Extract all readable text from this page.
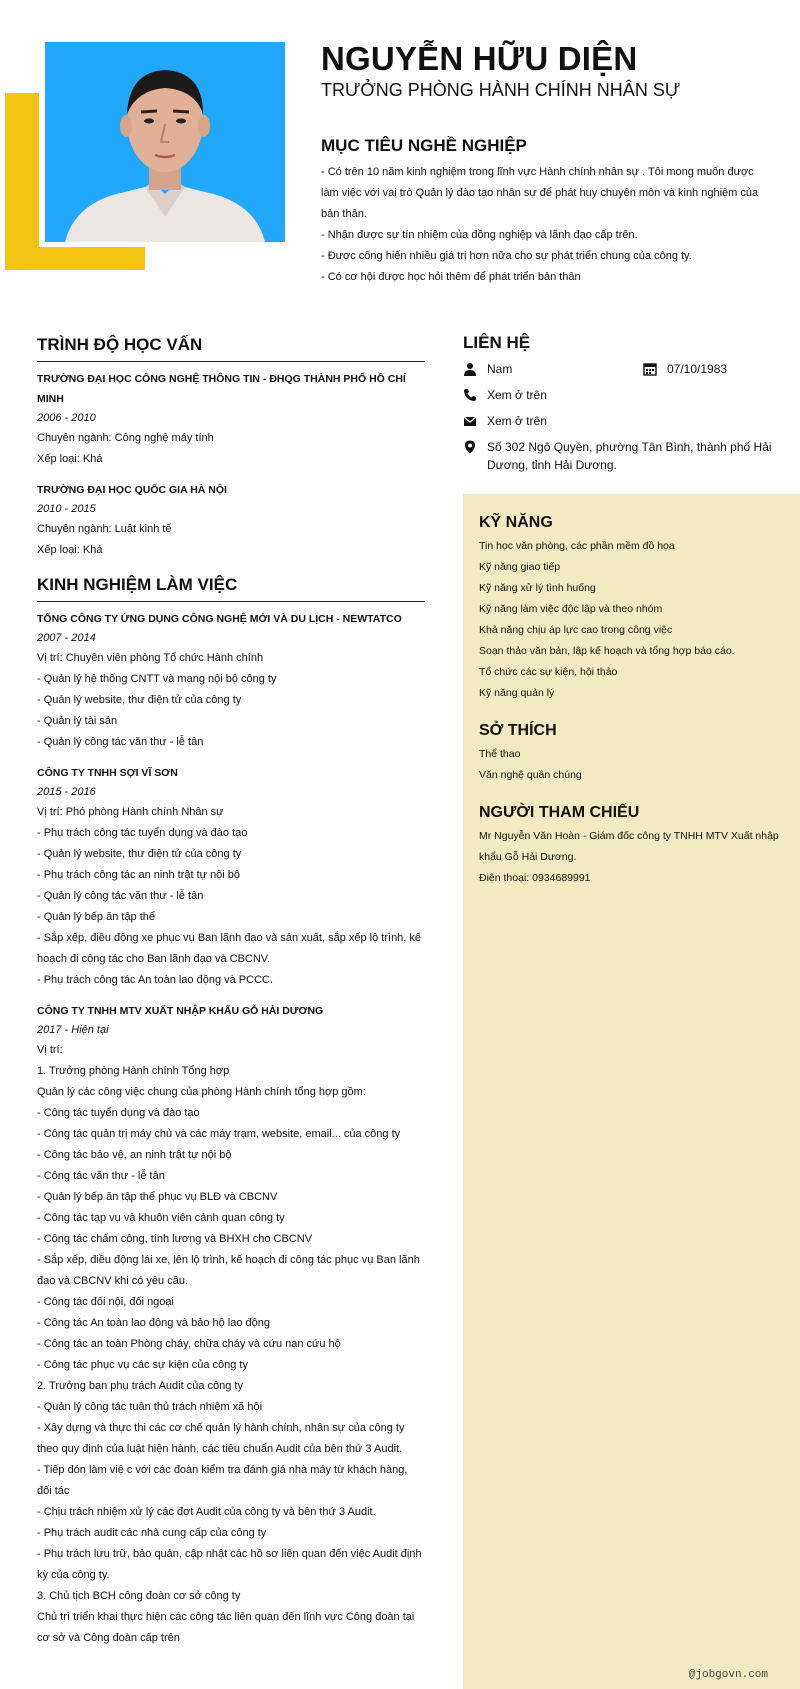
NGUYỄN HỮU DIỆN
TRƯỞNG PHÒNG HÀNH CHÍNH NHÂN SỰ
MỤC TIÊU NGHỀ NGHIỆP
- Có trên 10 năm kinh nghiệm trong lĩnh vực Hành chính nhân sự . Tôi mong muốn được làm việc với vai trò Quản lý đào tạo nhân sự để phát huy chuyên môn và kinh nghiệm của bản thân.
- Nhận được sự tín nhiệm của đồng nghiệp và lãnh đạo cấp trên.
- Được cống hiến nhiều giá trị hơn nữa cho sự phát triển chung của công ty.
- Có cơ hội được học hỏi thêm để phát triển bản thân
TRÌNH ĐỘ HỌC VẤN
TRƯỜNG ĐẠI HỌC CÔNG NGHỆ THÔNG TIN - ĐHQG THÀNH PHỐ HỒ CHÍ MINH
2006 - 2010
Chuyên ngành: Công nghệ máy tính
Xếp loại: Khá
TRƯỜNG ĐẠI HỌC QUỐC GIA HÀ NỘI
2010 - 2015
Chuyên ngành: Luật kinh tế
Xếp loại: Khá
KINH NGHIỆM LÀM VIỆC
TỔNG CÔNG TY ỨNG DỤNG CÔNG NGHỆ MỚI VÀ DU LỊCH - NEWTATCO
2007 - 2014
Vị trí: Chuyên viên phòng Tổ chức Hành chính
- Quản lý hệ thống CNTT và mạng nội bộ công ty
- Quản lý website, thư điện tử của công ty
- Quản lý tài sản
- Quản lý công tác văn thư - lễ tân
CÔNG TY TNHH SỢI VĨ SƠN
2015 - 2016
Vị trí: Phó phòng Hành chính Nhân sự
- Phụ trách công tác tuyển dụng và đào tạo
- Quản lý website, thư điện tử của công ty
- Phụ trách công tác an ninh trật tự nội bộ
- Quản lý công tác văn thư - lễ tân
- Quản lý bếp ăn tập thể
- Sắp xếp, điều động xe phục vụ Ban lãnh đạo và sản xuất, sắp xếp lộ trình, kế hoạch đi công tác cho Ban lãnh đạo và CBCNV.
- Phụ trách công tác An toàn lao động và PCCC.
CÔNG TY TNHH MTV XUẤT NHẬP KHẨU GỖ HẢI DƯƠNG
2017 - Hiện tại
Vị trí:
1. Trưởng phòng Hành chính Tổng hợp
Quản lý các công việc chung của phòng Hành chính tổng hợp gồm:
- Công tác tuyển dụng và đào tạo
- Công tác quản trị máy chủ và các máy trạm, website, email... của công ty
- Công tác bảo vệ, an ninh trật tự nội bộ
- Công tác văn thư - lễ tân
- Quản lý bếp ăn tập thể phục vụ BLĐ và CBCNV
- Công tác tạp vụ và khuôn viên cảnh quan công ty
- Công tác chấm công, tính lương và BHXH cho CBCNV
- Sắp xếp, điều động lái xe, lên lộ trình, kế hoạch đi công tác phục vụ Ban lãnh đạo và CBCNV khi có yêu cầu.
- Công tác đối nội, đối ngoại
- Công tác An toàn lao động và bảo hộ lao động
- Công tác an toàn Phòng cháy, chữa cháy và cứu nạn cứu hộ
- Công tác phục vụ các sự kiện của công ty
2. Trưởng ban phụ trách Audit của công ty
- Quản lý công tác tuân thủ trách nhiệm xã hội
- Xây dựng và thực thi các cơ chế quản lý hành chính, nhân sự của công ty theo quy định của luật hiện hành, các tiêu chuẩn Audit của bên thứ 3 Audit.
- Tiếp đón làm việ c với các đoàn kiểm tra đánh giá nhà máy từ khách hàng, đối tác
- Chịu trách nhiệm xử lý các đợt Audit của công ty và bên thứ 3 Audit.
- Phụ trách audit các nhà cung cấp của công ty
- Phụ trách lưu trữ, bảo quản, cập nhật các hồ sơ liên quan đến việc Audit định kỳ của công ty.
3. Chủ tịch BCH công đoàn cơ sở công ty
Chủ trì triển khai thực hiện các công tác liên quan đến lĩnh vực Công đoàn tại cơ sở và Công đoàn cấp trên
LIÊN HỆ
Nam	07/10/1983
Xem ở trên
Xem ở trên
Số 302 Ngô Quyền, phường Tân Bình, thành phố Hải Dương, tỉnh Hải Dương.
KỸ NĂNG
Tin học văn phòng, các phần mềm đồ họa
Kỹ năng giao tiếp
Kỹ năng xử lý tình huống
Kỹ năng làm việc độc lập và theo nhóm
Khả năng chịu áp lực cao trong công việc
Soạn thảo văn bản, lập kế hoạch và tổng hợp báo cáo.
Tổ chức các sự kiện, hội thảo
Kỹ năng quản lý
SỞ THÍCH
Thể thao
Văn nghệ quần chúng
NGƯỜI THAM CHIẾU
Mr Nguyễn Văn Hoàn - Giám đốc công ty TNHH MTV Xuất nhập khẩu Gỗ Hải Dương.
Điện thoại: 0934689991
@jobgovn.com
